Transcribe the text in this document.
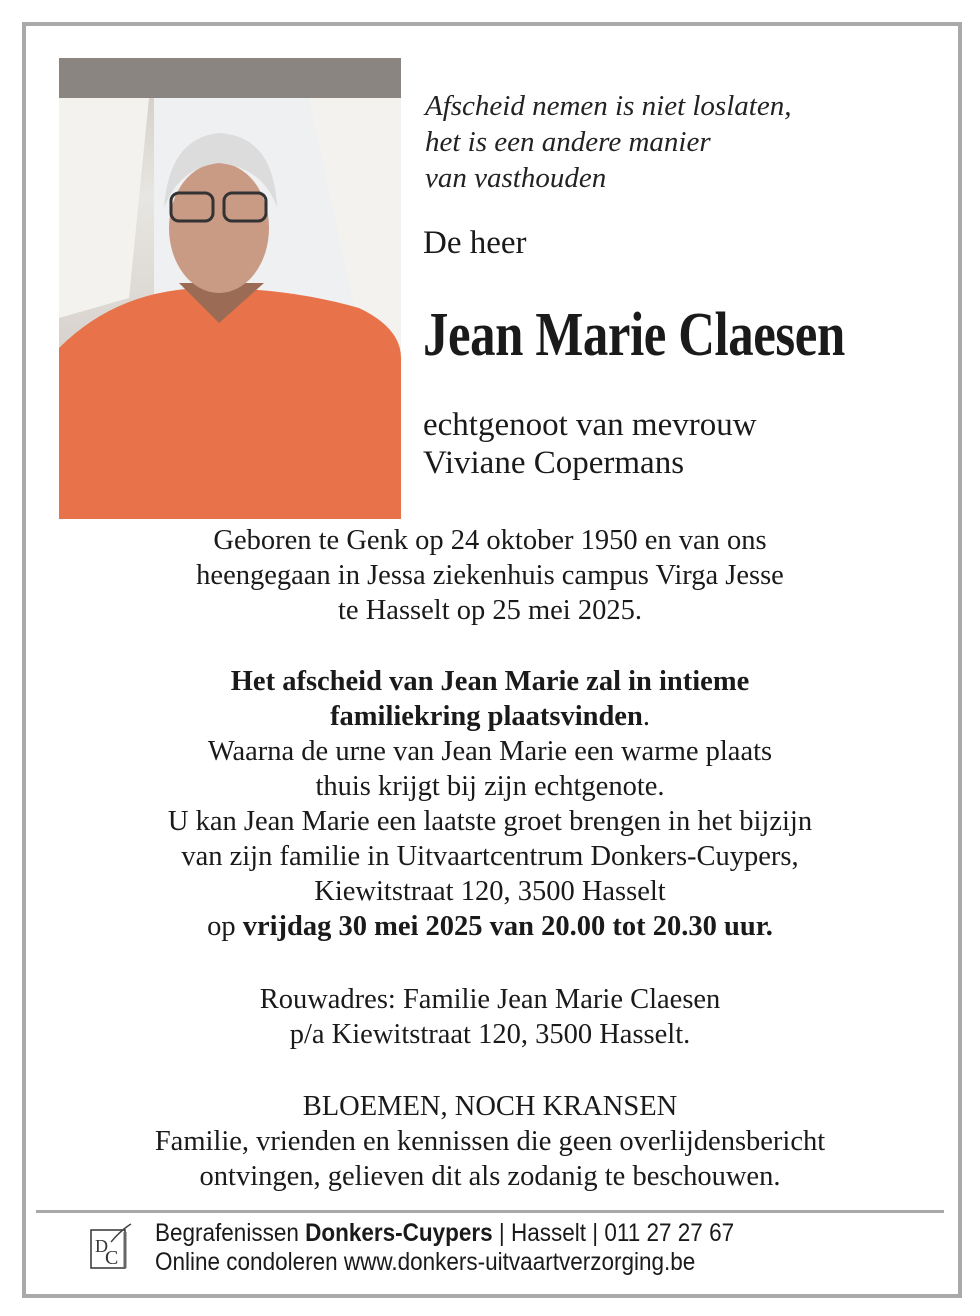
Afscheid nemen is niet loslaten,
het is een andere manier
van vasthouden
De heer
Jean Marie Claesen
echtgenoot van mevrouw
Viviane Copermans
Geboren te Genk op 24 oktober 1950 en van ons
heengegaan in Jessa ziekenhuis campus Virga Jesse
te Hasselt op 25 mei 2025.
Het afscheid van Jean Marie zal in intieme
familiekring plaatsvinden.
Waarna de urne van Jean Marie een warme plaats
thuis krijgt bij zijn echtgenote.
U kan Jean Marie een laatste groet brengen in het bijzijn
van zijn familie in Uitvaartcentrum Donkers-Cuypers,
Kiewitstraat 120, 3500 Hasselt
op vrijdag 30 mei 2025 van 20.00 tot 20.30 uur.
Rouwadres: Familie Jean Marie Claesen
p/a Kiewitstraat 120, 3500 Hasselt.
BLOEMEN, NOCH KRANSEN
Familie, vrienden en kennissen die geen overlijdensbericht
ontvingen, gelieven dit als zodanig te beschouwen.
D
C
Begrafenissen Donkers-Cuypers | Hasselt | 011 27 27 67
Online condoleren www.donkers-uitvaartverzorging.be
